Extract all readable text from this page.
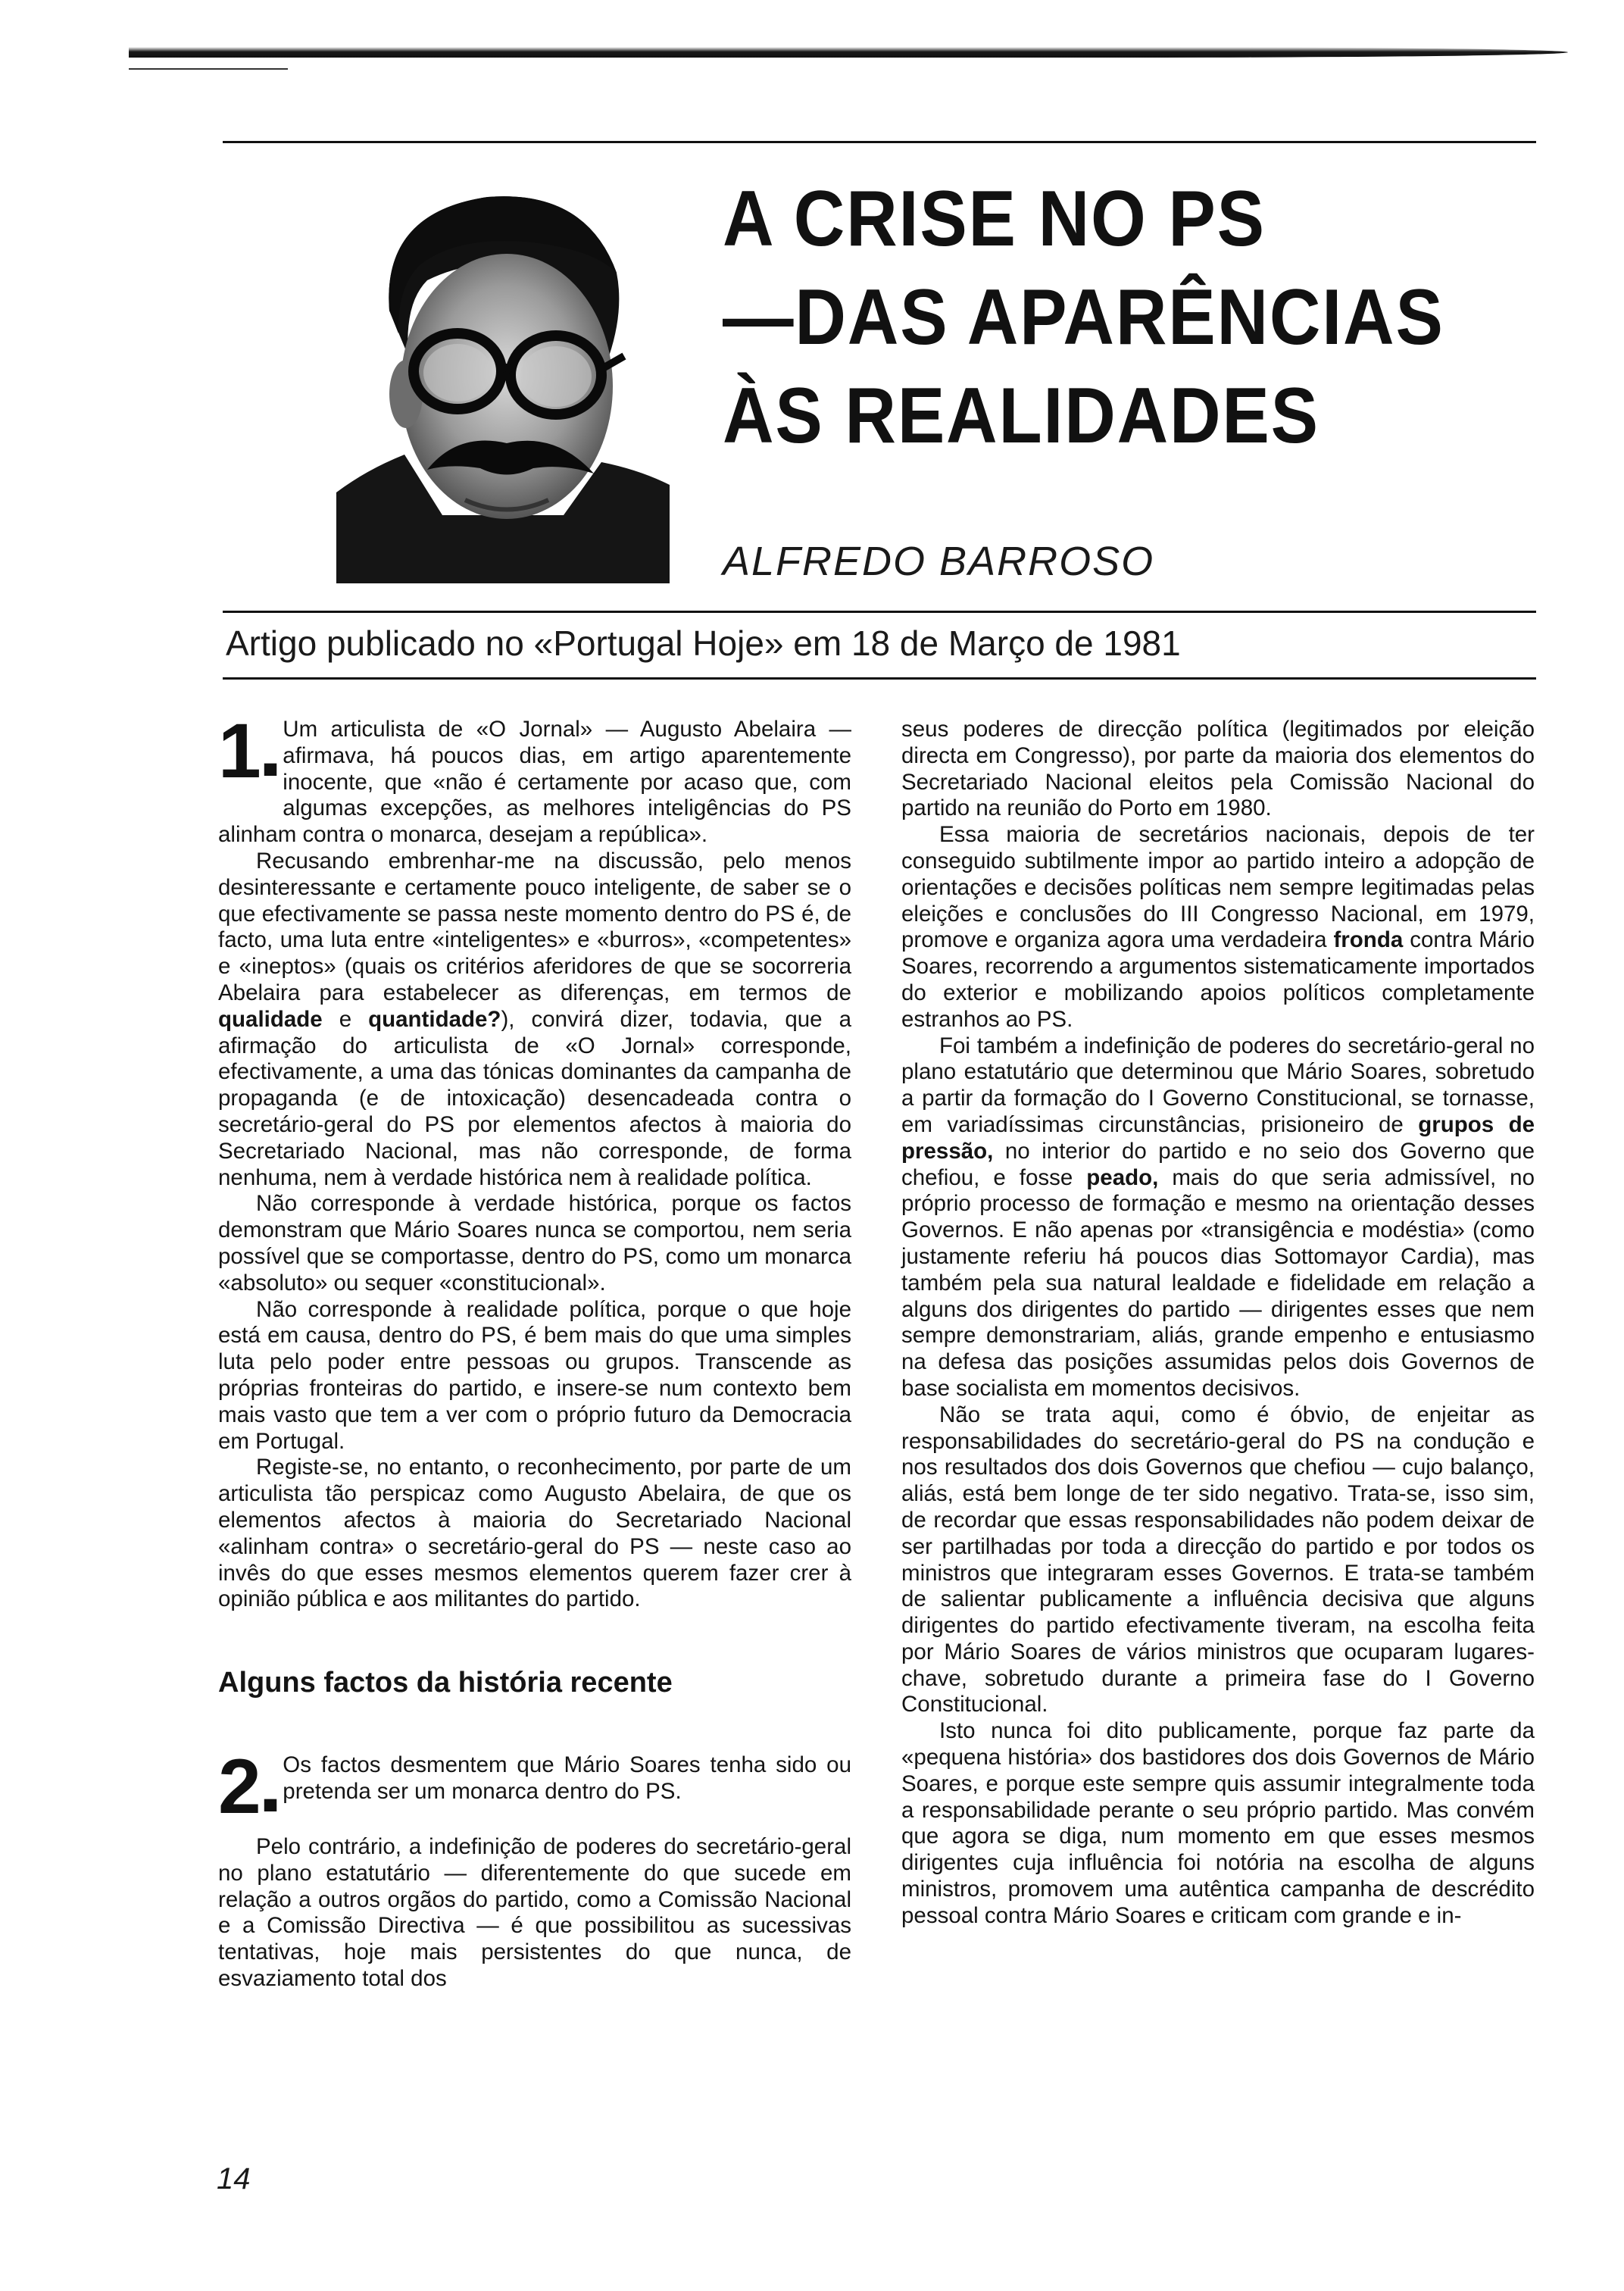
A CRISE NO PS
—DAS APARÊNCIAS
ÀS REALIDADES
ALFREDO BARROSO
Artigo publicado no «Portugal Hoje» em 18 de Março de 1981
1■

Um articulista de «O Jornal» — Augusto Abelaira — afirmava, há poucos dias, em artigo aparentemente inocente, que «não é certamente por acaso que, com algumas excepções, as melhores inteligências do PS alinham contra o monarca, desejam a república».

Recusando embrenhar-me na discussão, pelo menos desinteressante e certamente pouco inteligente, de saber se o que efectivamente se passa neste momento dentro do PS é, de facto, uma luta entre «inteligentes» e «burros», «competentes» e «ineptos» (quais os critérios aferidores de que se socorreria Abelaira para estabelecer as diferenças, em termos de qualidade e quantidade?), convirá dizer, todavia, que a afirmação do articulista de «O Jornal» corresponde, efectivamente, a uma das tónicas dominantes da campanha de propaganda (e de intoxicação) desencadeada contra o secretário-geral do PS por elementos afectos à maioria do Secretariado Nacional, mas não corresponde, de forma nenhuma, nem à verdade histórica nem à realidade política.

Não corresponde à verdade histórica, porque os factos demonstram que Mário Soares nunca se comportou, nem seria possível que se comportasse, dentro do PS, como um monarca «absoluto» ou sequer «constitucional».

Não corresponde à realidade política, porque o que hoje está em causa, dentro do PS, é bem mais do que uma simples luta pelo poder entre pessoas ou grupos. Transcende as próprias fronteiras do partido, e insere-se num contexto bem mais vasto que tem a ver com o próprio futuro da Democracia em Portugal.

Registe-se, no entanto, o reconhecimento, por parte de um articulista tão perspicaz como Augusto Abelaira, de que os elementos afectos à maioria do Secretariado Nacional «alinham contra» o secretário-geral do PS — neste caso ao invês do que esses mesmos elementos querem fazer crer à opinião pública e aos militantes do partido.

Alguns factos da história recente
2■

Os factos desmentem que Mário Soares tenha sido ou pretenda ser um monarca dentro do PS.

Pelo contrário, a indefinição de poderes do secretário-geral no plano estatutário — diferentemente do que sucede em relação a outros orgãos do partido, como a Comissão Nacional e a Comissão Directiva — é que possibilitou as sucessivas tentativas, hoje mais persistentes do que nunca, de esvaziamento total dos

seus poderes de direcção política (legitimados por eleição directa em Congresso), por parte da maioria dos elementos do Secretariado Nacional eleitos pela Comissão Nacional do partido na reunião do Porto em 1980.

Essa maioria de secretários nacionais, depois de ter conseguido subtilmente impor ao partido inteiro a adopção de orientações e decisões políticas nem sempre legitimadas pelas eleições e conclusões do III Congresso Nacional, em 1979, promove e organiza agora uma verdadeira fronda contra Mário Soares, recorrendo a argumentos sistematicamente importados do exterior e mobilizando apoios políticos completamente estranhos ao PS.

Foi também a indefinição de poderes do secretário-geral no plano estatutário que determinou que Mário Soares, sobretudo a partir da formação do I Governo Constitucional, se tornasse, em variadíssimas circunstâncias, prisioneiro de grupos de pressão, no interior do partido e no seio dos Governo que chefiou, e fosse peado, mais do que seria admissível, no próprio processo de formação e mesmo na orientação desses Governos. E não apenas por «transigência e modéstia» (como justamente referiu há poucos dias Sottomayor Cardia), mas também pela sua natural lealdade e fidelidade em relação a alguns dos dirigentes do partido — dirigentes esses que nem sempre demonstrariam, aliás, grande empenho e entusiasmo na defesa das posições assumidas pelos dois Governos de base socialista em momentos decisivos.

Não se trata aqui, como é óbvio, de enjeitar as responsabilidades do secretário-geral do PS na condução e nos resultados dos dois Governos que chefiou — cujo balanço, aliás, está bem longe de ter sido negativo. Trata-se, isso sim, de recordar que essas responsabilidades não podem deixar de ser partilhadas por toda a direcção do partido e por todos os ministros que integraram esses Governos. E trata-se também de salientar publicamente a influência decisiva que alguns dirigentes do partido efectivamente tiveram, na escolha feita por Mário Soares de vários ministros que ocuparam lugares-chave, sobretudo durante a primeira fase do I Governo Constitucional.

Isto nunca foi dito publicamente, porque faz parte da «pequena história» dos bastidores dos dois Governos de Mário Soares, e porque este sempre quis assumir integralmente toda a responsabilidade perante o seu próprio partido. Mas convém que agora se diga, num momento em que esses mesmos dirigentes cuja influência foi notória na escolha de alguns ministros, promovem uma autêntica campanha de descrédito pessoal contra Mário Soares e criticam com grande e in-

14
